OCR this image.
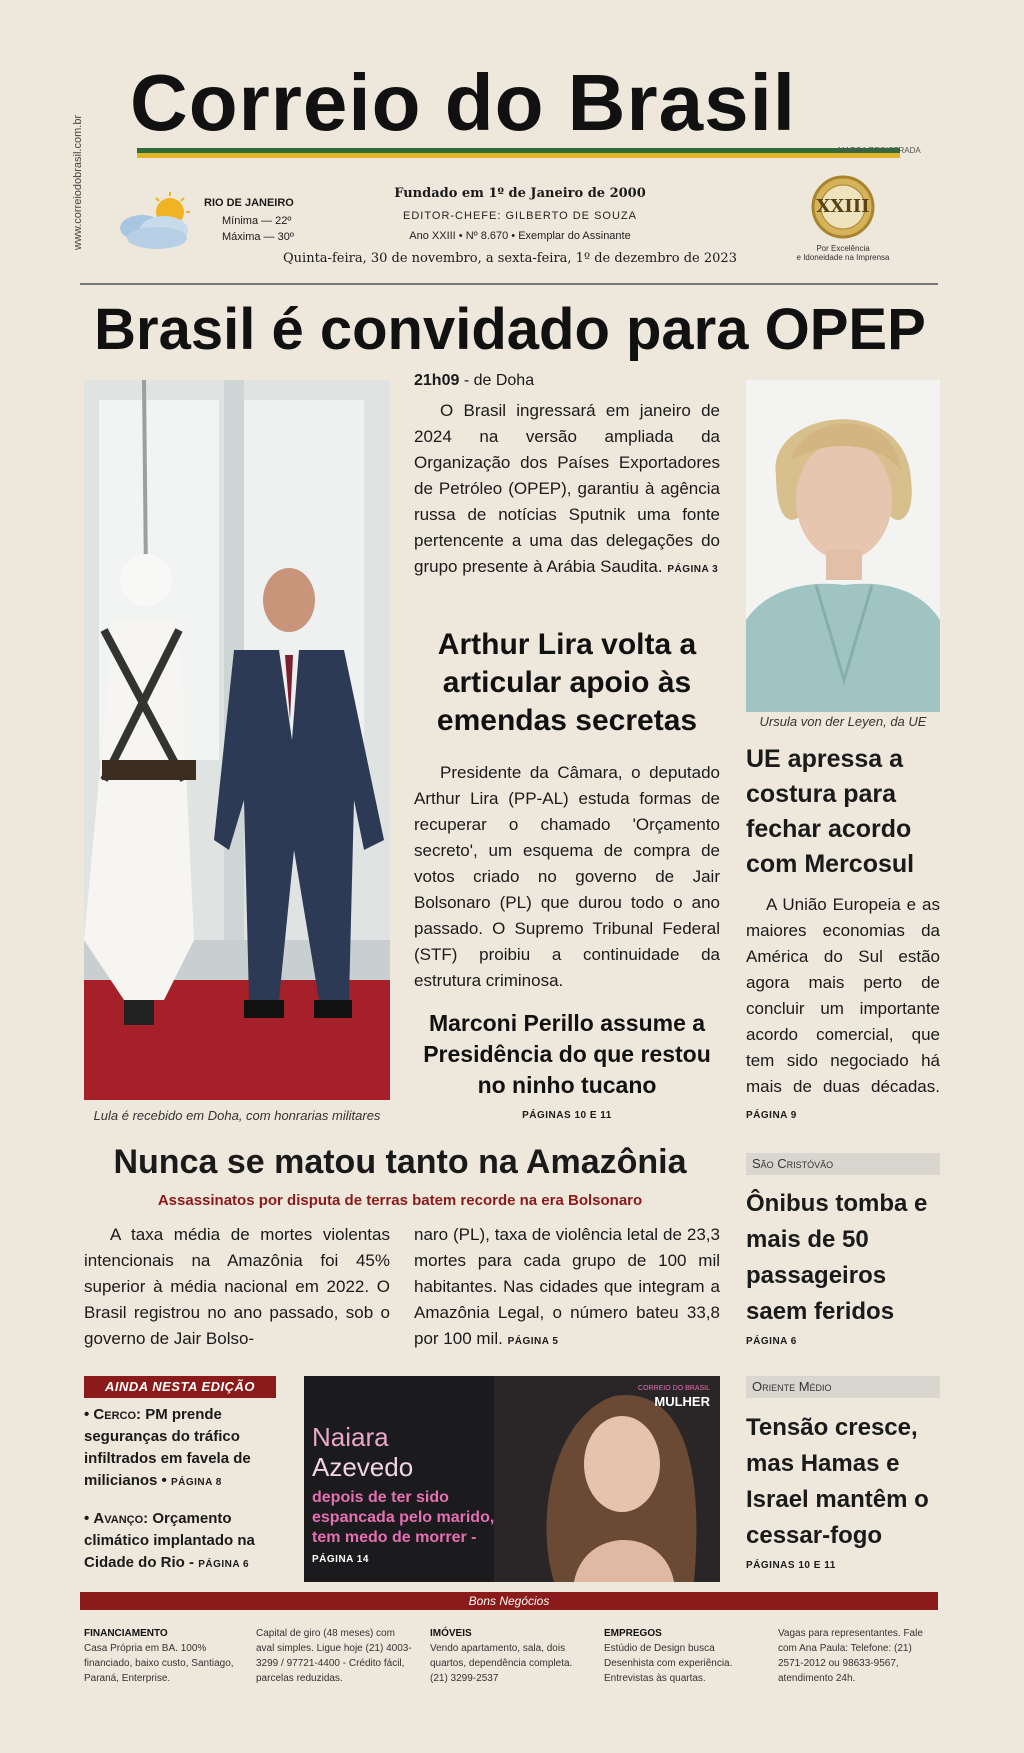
www.correiodobrasil.com.br
Correio do Brasil
MARCA REGISTRADA
RIO DE JANEIRO
Mínima — 22º
Máxima — 30º
Fundado em 1º de Janeiro de 2000
EDITOR-CHEFE: GILBERTO DE SOUZA
Ano XXIII • Nº 8.670 • Exemplar do Assinante
Quinta-feira, 30 de novembro, a sexta-feira, 1º de dezembro de 2023
XXIII
Por Excelência
e Idoneidade na Imprensa
Brasil é convidado para OPEP
Lula é recebido em Doha, com honrarias militares
21h09 - de Doha
O Brasil ingressará em janeiro de 2024 na versão ampliada da Organização dos Países Exportadores de Petróleo (OPEP), garantiu à agência russa de notícias Sputnik uma fonte pertencente a uma das delegações do grupo presente à Arábia Saudita. PÁGINA 3
Arthur Lira volta a articular apoio às emendas secretas
Presidente da Câmara, o deputado Arthur Lira (PP-AL) estuda formas de recuperar o chamado 'Orçamento secreto', um esquema de compra de votos criado no governo de Jair Bolsonaro (PL) que durou todo o ano passado. O Supremo Tribunal Federal (STF) proibiu a continuidade da estrutura criminosa.
Marconi Perillo assume a Presidência do que restou no ninho tucano
PÁGINAS 10 E 11
Ursula von der Leyen, da UE
UE apressa a costura para fechar acordo com Mercosul
A União Europeia e as maiores economias da América do Sul estão agora mais perto de concluir um importante acordo comercial, que tem sido negociado há mais de duas décadas. PÁGINA 9
Nunca se matou tanto na Amazônia
Assassinatos por disputa de terras batem recorde na era Bolsonaro
A taxa média de mortes violentas intencionais na Amazônia foi 45% superior à média nacional em 2022. O Brasil registrou no ano passado, sob o governo de Jair Bolso-
naro (PL), taxa de violência letal de 23,3 mortes para cada grupo de 100 mil habitantes. Nas cidades que integram a Amazônia Legal, o número bateu 33,8 por 100 mil. PÁGINA 5
São Cristóvão
Ônibus tomba e mais de 50 passageiros saem feridos
PÁGINA 6
Oriente Médio
Tensão cresce, mas Hamas e Israel mantêm o cessar-fogo
PÁGINAS 10 E 11
AINDA NESTA EDIÇÃO
• Cerco: PM prende seguranças do tráfico infiltrados em favela de milicianos • PÁGINA 8
• Avanço: Orçamento climático implantado na Cidade do Rio - PÁGINA 6
CORREIO DO BRASIL
MULHER
Naiara
Azevedo
depois de ter sido espancada pelo marido, tem medo de morrer - PÁGINA 14
Bons Negócios
FINANCIAMENTO
Casa Própria em BA. 100% financiado, baixo custo, Santiago, Paraná, Enterprise.
Capital de giro (48 meses) com aval simples. Ligue hoje (21) 4003-3299 / 97721-4400 - Crédito fácil, parcelas reduzidas.
IMÓVEIS
Vendo apartamento, sala, dois quartos, dependência completa. (21) 3299-2537
EMPREGOS
Estúdio de Design busca Desenhista com experiência. Entrevistas às quartas.
Vagas para representantes. Fale com Ana Paula: Telefone: (21) 2571-2012 ou 98633-9567, atendimento 24h.
